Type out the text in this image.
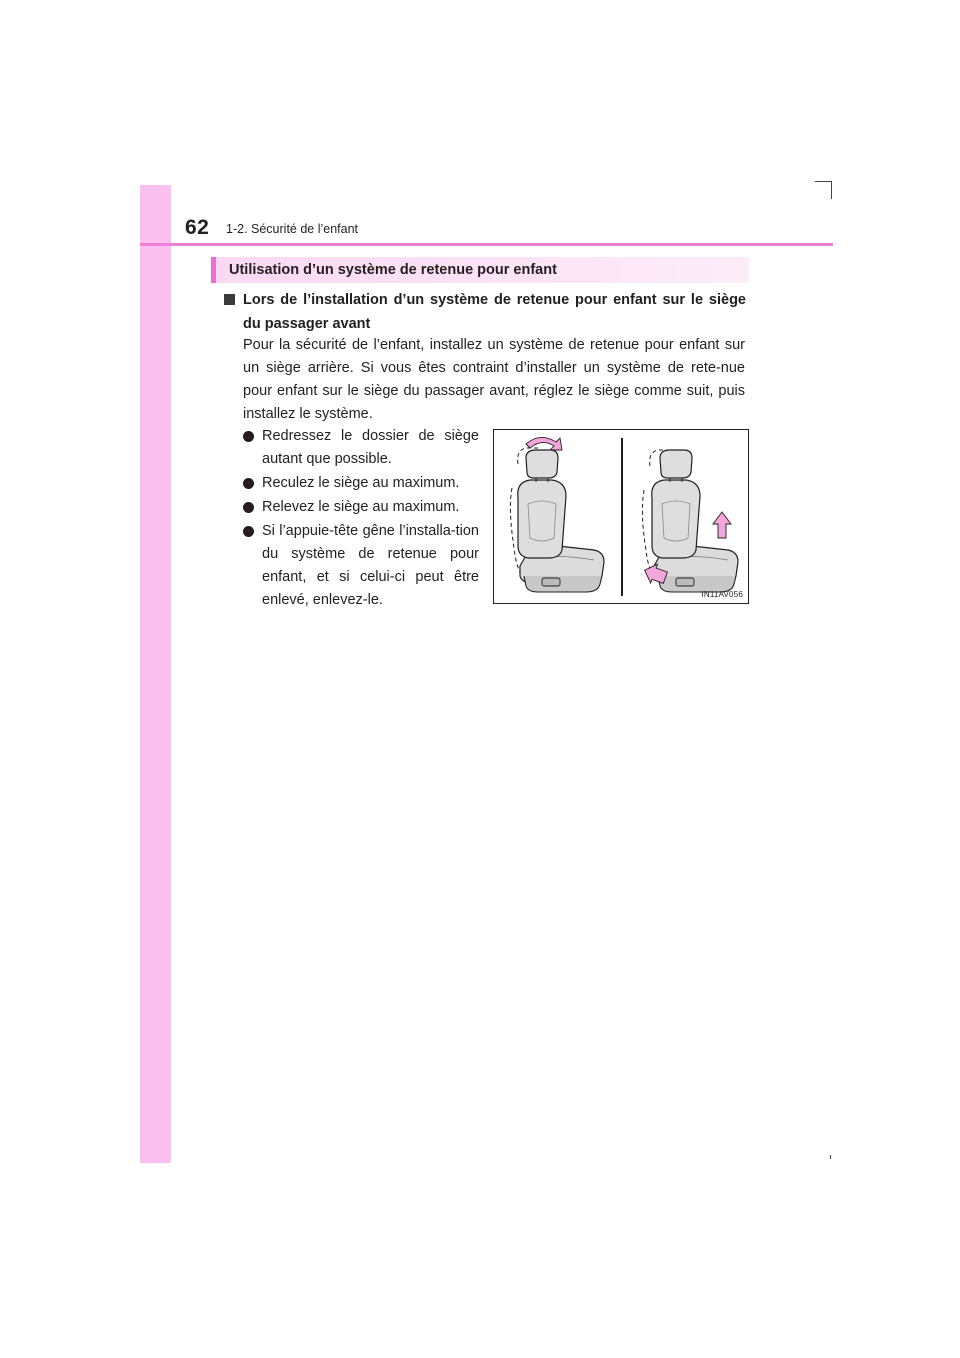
62 1-2. Sécurité de l’enfant
Utilisation d’un système de retenue pour enfant
Lors de l’installation d’un système de retenue pour enfant sur le siège du passager avant

Pour la sécurité de l’enfant, installez un système de retenue pour enfant sur un siège arrière. Si vous êtes contraint d’installer un système de rete-nue pour enfant sur le siège du passager avant, réglez le siège comme suit, puis installez le système.

Redressez le dossier de siège autant que possible.
Reculez le siège au maximum.
Relevez le siège au maximum.
Si l’appuie-tête gêne l’installa-tion du système de retenue pour enfant, et si celui-ci peut être enlevé, enlevez-le.	IN11AV056
